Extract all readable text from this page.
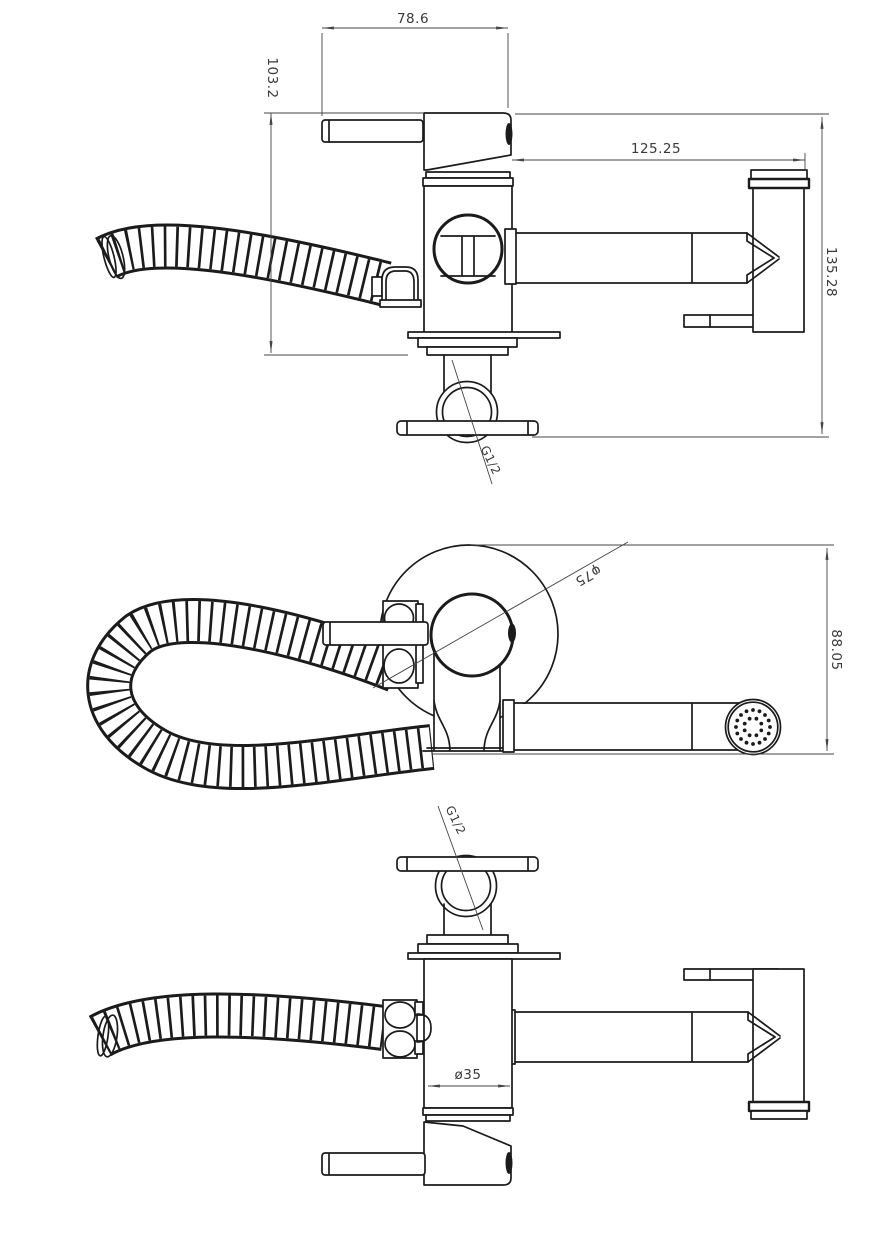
78.6
103.2
125.25
135.28
G1/2
φ75
88.05
G1/2
ø35
